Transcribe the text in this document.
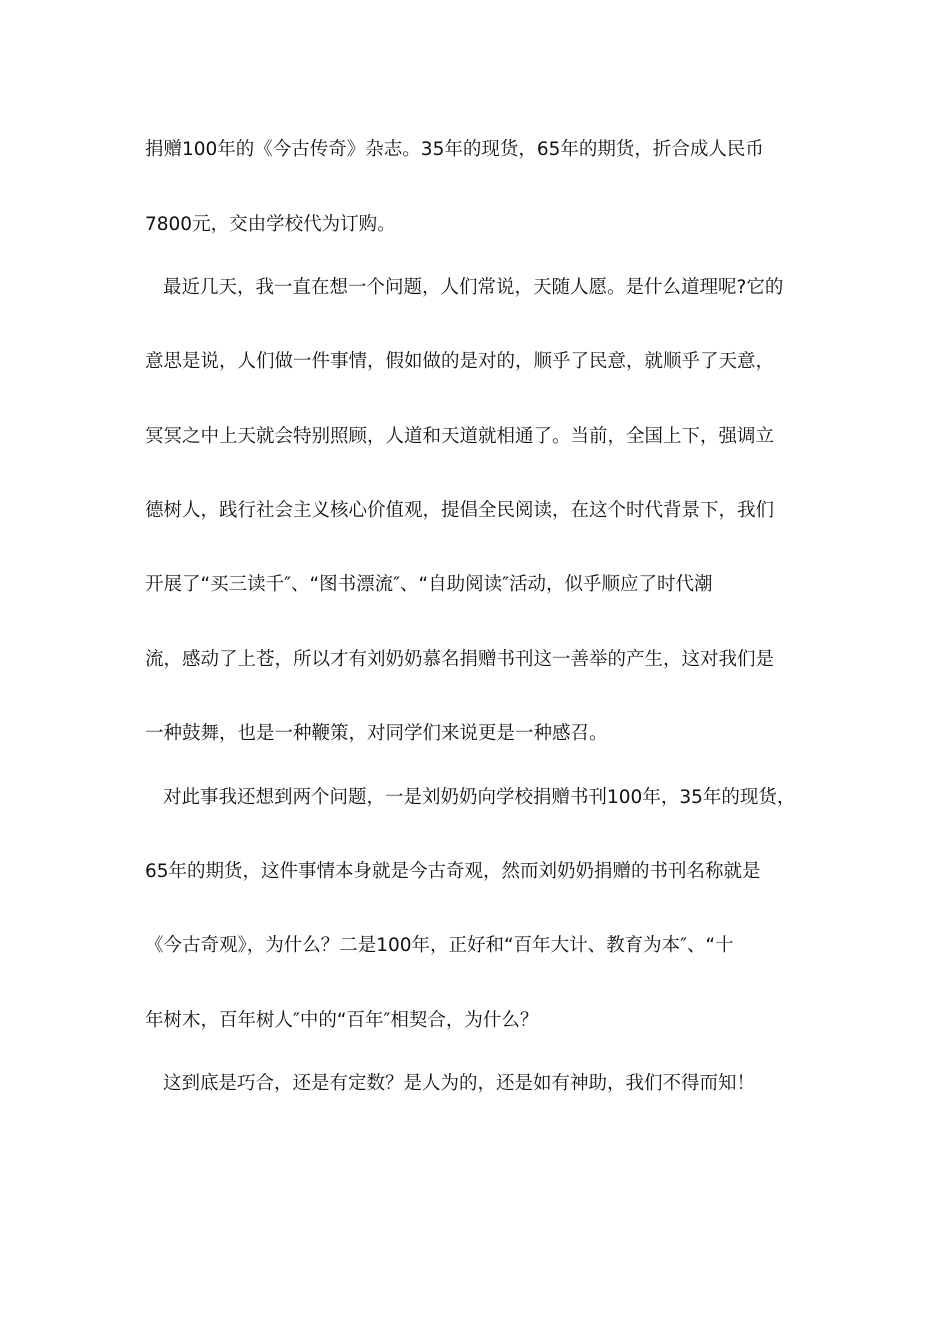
捐赠100年的《今古传奇》杂志。35年的现货，65年的期货，折合成人民币
7800元，交由学校代为订购。
最近几天，我一直在想一个问题，人们常说，天随人愿。是什么道理呢?它的
意思是说，人们做一件事情，假如做的是对的，顺乎了民意，就顺乎了天意，
冥冥之中上天就会特别照顾，人道和天道就相通了。当前，全国上下，强调立
德树人，践行社会主义核心价值观，提倡全民阅读，在这个时代背景下，我们
开展了“买三读千″、“图书漂流″、“自助阅读″活动，似乎顺应了时代潮
流，感动了上苍，所以才有刘奶奶慕名捐赠书刊这一善举的产生，这对我们是
一种鼓舞，也是一种鞭策，对同学们来说更是一种感召。
对此事我还想到两个问题，一是刘奶奶向学校捐赠书刊100年，35年的现货，
65年的期货，这件事情本身就是今古奇观，然而刘奶奶捐赠的书刊名称就是
《今古奇观》，为什么？二是100年，正好和“百年大计、教育为本″、“十
年树木，百年树人″中的“百年″相契合，为什么？
这到底是巧合，还是有定数？是人为的，还是如有神助，我们不得而知！
